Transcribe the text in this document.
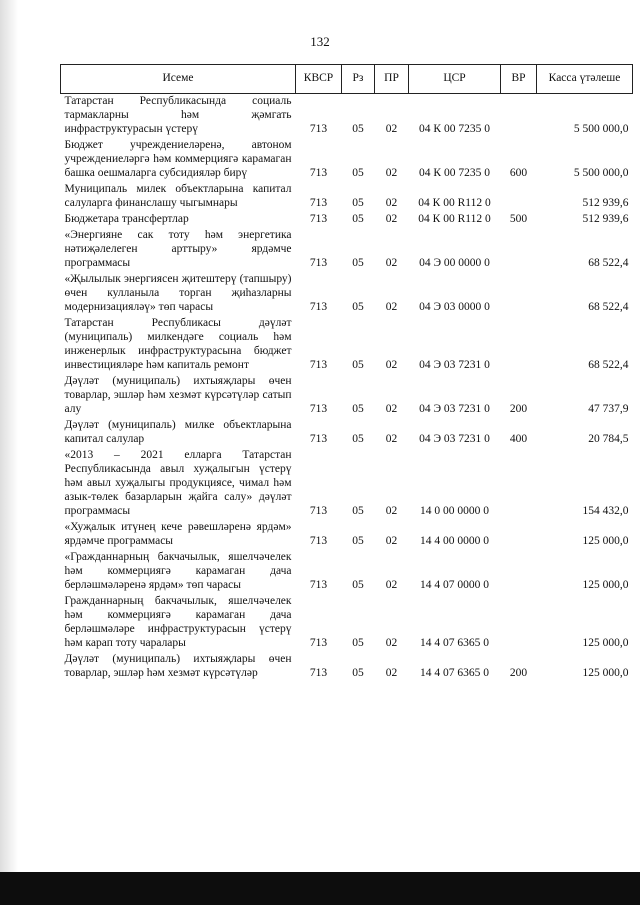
132
Исеме	КВСР	Рз	ПР	ЦСР	ВР	Касса үтәлеше
Татарстан Республикасында социаль тармакларны һәм җәмгать инфраструктурасын үстерү	713	05	02	04 К 00 7235 0		5 500 000,0
Бюджет учреждениеләренә, автоном учреждениеләргә һәм коммерциягә карамаган башка оешмаларга субсидияләр бирү	713	05	02	04 К 00 7235 0	600	5 500 000,0
Муниципаль милек объектларына капитал салуларга финанслашу чыгымнары	713	05	02	04 К 00 R112 0		512 939,6
Бюджетара трансфертлар	713	05	02	04 К 00 R112 0	500	512 939,6
«Энергияне сак тоту һәм энергетика нәтиҗәлелеген арттыру» ярдәмче программасы	713	05	02	04 Э 00 0000 0		68 522,4
«Җылылык энергиясен җитештерү (тапшыру) өчен кулланыла торган җиһазларны модернизацияләү» төп чарасы	713	05	02	04 Э 03 0000 0		68 522,4
Татарстан Республикасы дәүләт (муниципаль) милкендәге социаль һәм инженерлык инфраструктурасына бюджет инвестицияләре һәм капиталь ремонт	713	05	02	04 Э 03 7231 0		68 522,4
Дәүләт (муниципаль) ихтыяҗлары өчен товарлар, эшләр һәм хезмәт күрсәтүләр сатып алу	713	05	02	04 Э 03 7231 0	200	47 737,9
Дәүләт (муниципаль) милке объектларына капитал салулар	713	05	02	04 Э 03 7231 0	400	20 784,5
«2013 – 2021 елларга Татарстан Республикасында авыл хуҗалыгын үстерү һәм авыл хуҗалыгы продукциясе, чимал һәм азык-төлек базарларын җайга салу» дәүләт программасы	713	05	02	14 0 00 0000 0		154 432,0
«Хуҗалык итүнең кече рәвешләренә ярдәм» ярдәмче программасы	713	05	02	14 4 00 0000 0		125 000,0
«Гражданнарның бакчачылык, яшелчәчелек һәм коммерциягә карамаган дача берләшмәләренә ярдәм» төп чарасы	713	05	02	14 4 07 0000 0		125 000,0
Гражданнарның бакчачылык, яшелчәчелек һәм коммерциягә карамаган дача берләшмәләре инфраструктурасын үстерү һәм карап тоту чаралары	713	05	02	14 4 07 6365 0		125 000,0
Дәүләт (муниципаль) ихтыяҗлары өчен товарлар, эшләр һәм хезмәт күрсәтүләр	713	05	02	14 4 07 6365 0	200	125 000,0
